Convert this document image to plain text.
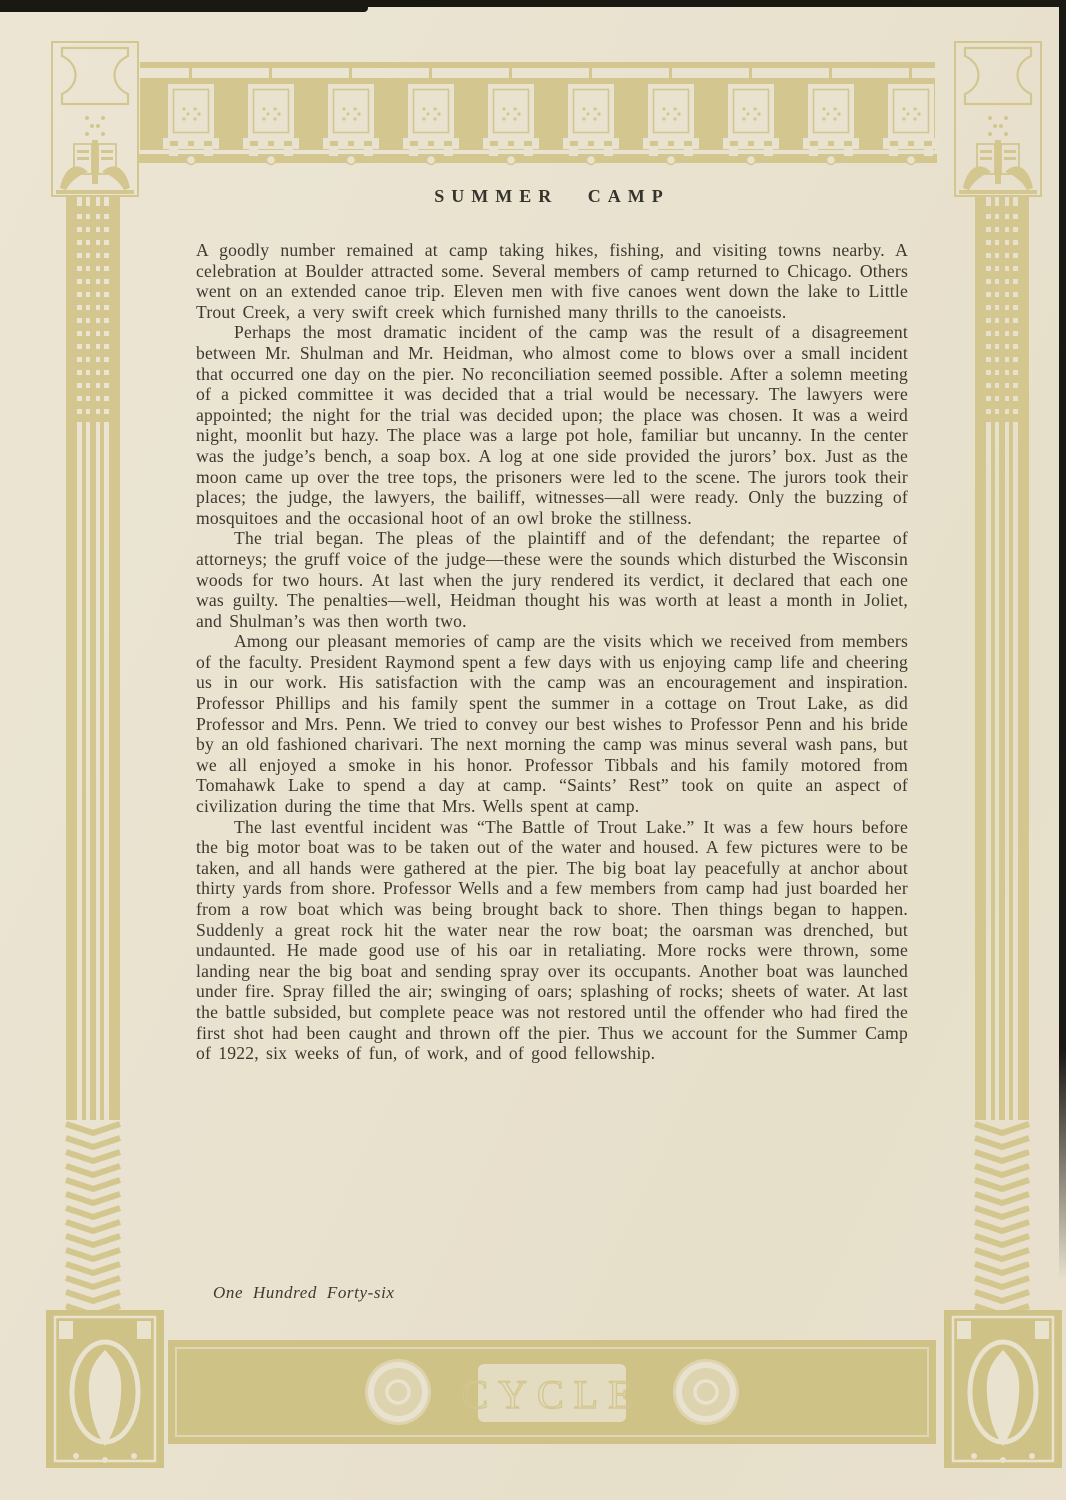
CYCLE
SUMMER CAMP

A goodly number remained at camp taking hikes, fishing, and visiting towns nearby. A celebration at Boulder attracted some. Several members of camp returned to Chicago. Others went on an extended canoe trip. Eleven men with five canoes went down the lake to Little Trout Creek, a very swift creek which furnished many thrills to the canoeists.

Perhaps the most dramatic incident of the camp was the result of a disagreement between Mr. Shulman and Mr. Heidman, who almost come to blows over a small incident that occurred one day on the pier. No reconciliation seemed possible. After a solemn meeting of a picked committee it was decided that a trial would be necessary. The lawyers were appointed; the night for the trial was decided upon; the place was chosen. It was a weird night, moonlit but hazy. The place was a large pot hole, familiar but uncanny. In the center was the judge’s bench, a soap box. A log at one side provided the jurors’ box. Just as the moon came up over the tree tops, the prisoners were led to the scene. The jurors took their places; the judge, the lawyers, the bailiff, witnesses—all were ready. Only the buzzing of mosquitoes and the occasional hoot of an owl broke the stillness.

The trial began. The pleas of the plaintiff and of the defendant; the repartee of attorneys; the gruff voice of the judge—these were the sounds which disturbed the Wisconsin woods for two hours. At last when the jury rendered its verdict, it declared that each one was guilty. The penalties—well, Heidman thought his was worth at least a month in Joliet, and Shulman’s was then worth two.

Among our pleasant memories of camp are the visits which we received from members of the faculty. President Raymond spent a few days with us enjoying camp life and cheering us in our work. His satisfaction with the camp was an encouragement and inspiration. Professor Phillips and his family spent the summer in a cottage on Trout Lake, as did Professor and Mrs. Penn. We tried to convey our best wishes to Professor Penn and his bride by an old fashioned charivari. The next morning the camp was minus several wash pans, but we all enjoyed a smoke in his honor. Professor Tibbals and his family motored from Tomahawk Lake to spend a day at camp. “Saints’ Rest” took on quite an aspect of civilization during the time that Mrs. Wells spent at camp.

The last eventful incident was “The Battle of Trout Lake.” It was a few hours before the big motor boat was to be taken out of the water and housed. A few pictures were to be taken, and all hands were gathered at the pier. The big boat lay peacefully at anchor about thirty yards from shore. Professor Wells and a few members from camp had just boarded her from a row boat which was being brought back to shore. Then things began to happen. Suddenly a great rock hit the water near the row boat; the oarsman was drenched, but undaunted. He made good use of his oar in retaliating. More rocks were thrown, some landing near the big boat and sending spray over its occupants. Another boat was launched under fire. Spray filled the air; swinging of oars; splashing of rocks; sheets of water. At last the battle subsided, but complete peace was not restored until the offender who had fired the first shot had been caught and thrown off the pier. Thus we account for the Summer Camp of 1922, six weeks of fun, of work, and of good fellowship.

One Hundred Forty-six
